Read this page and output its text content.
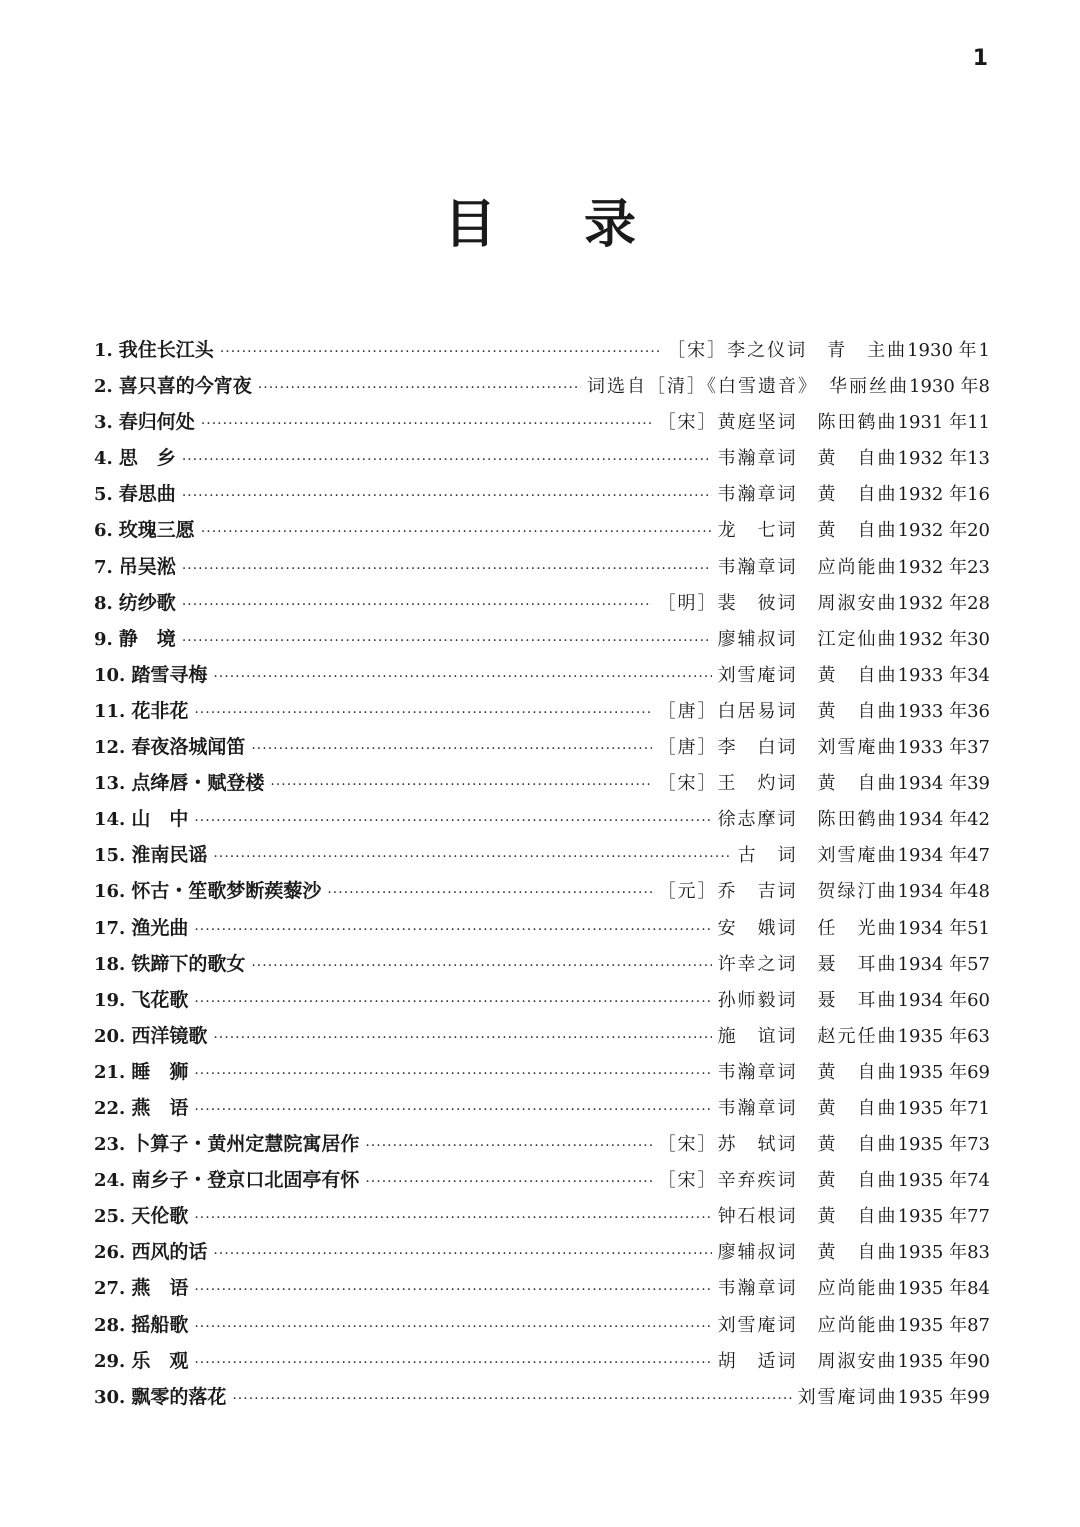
1
目录
1. 我住长江头 ·····	［宋］李之仪词　青　主曲 1930 年 1
2. 喜只喜的今宵夜 ·····	词选自［清］《白雪遗音》　华丽丝曲 1930 年 8
3. 春归何处 ·····	［宋］黄庭坚词　陈田鹤曲 1931 年 11
4. 思　乡 ·····	韦瀚章词　黄　自曲 1932 年 13
5. 春思曲 ·····	韦瀚章词　黄　自曲 1932 年 16
6. 玫瑰三愿 ·····	龙　七词　黄　自曲 1932 年 20
7. 吊吴淞 ·····	韦瀚章词　应尚能曲 1932 年 23
8. 纺纱歌 ·····	［明］裴　彼词　周淑安曲 1932 年 28
9. 静　境 ·····	廖辅叔词　江定仙曲 1932 年 30
10. 踏雪寻梅 ·····	刘雪庵词　黄　自曲 1933 年 34
11. 花非花 ·····	［唐］白居易词　黄　自曲 1933 年 36
12. 春夜洛城闻笛 ·····	［唐］李　白词　刘雪庵曲 1933 年 37
13. 点绛唇・赋登楼 ·····	［宋］王　灼词　黄　自曲 1934 年 39
14. 山　中 ·····	徐志摩词　陈田鹤曲 1934 年 42
15. 淮南民谣 ·····	古　词　刘雪庵曲 1934 年 47
16. 怀古・笙歌梦断蒺藜沙 ·····	［元］乔　吉词　贺绿汀曲 1934 年 48
17. 渔光曲 ·····	安　娥词　任　光曲 1934 年 51
18. 铁蹄下的歌女 ·····	许幸之词　聂　耳曲 1934 年 57
19. 飞花歌 ·····	孙师毅词　聂　耳曲 1934 年 60
20. 西洋镜歌 ·····	施　谊词　赵元任曲 1935 年 63
21. 睡　狮 ·····	韦瀚章词　黄　自曲 1935 年 69
22. 燕　语 ·····	韦瀚章词　黄　自曲 1935 年 71
23. 卜算子・黄州定慧院寓居作 ·····	［宋］苏　轼词　黄　自曲 1935 年 73
24. 南乡子・登京口北固亭有怀 ·····	［宋］辛弃疾词　黄　自曲 1935 年 74
25. 天伦歌 ·····	钟石根词　黄　自曲 1935 年 77
26. 西风的话 ·····	廖辅叔词　黄　自曲 1935 年 83
27. 燕　语 ·····	韦瀚章词　应尚能曲 1935 年 84
28. 摇船歌 ·····	刘雪庵词　应尚能曲 1935 年 87
29. 乐　观 ·····	胡　适词　周淑安曲 1935 年 90
30. 飘零的落花 ·····	刘雪庵词曲 1935 年 99
